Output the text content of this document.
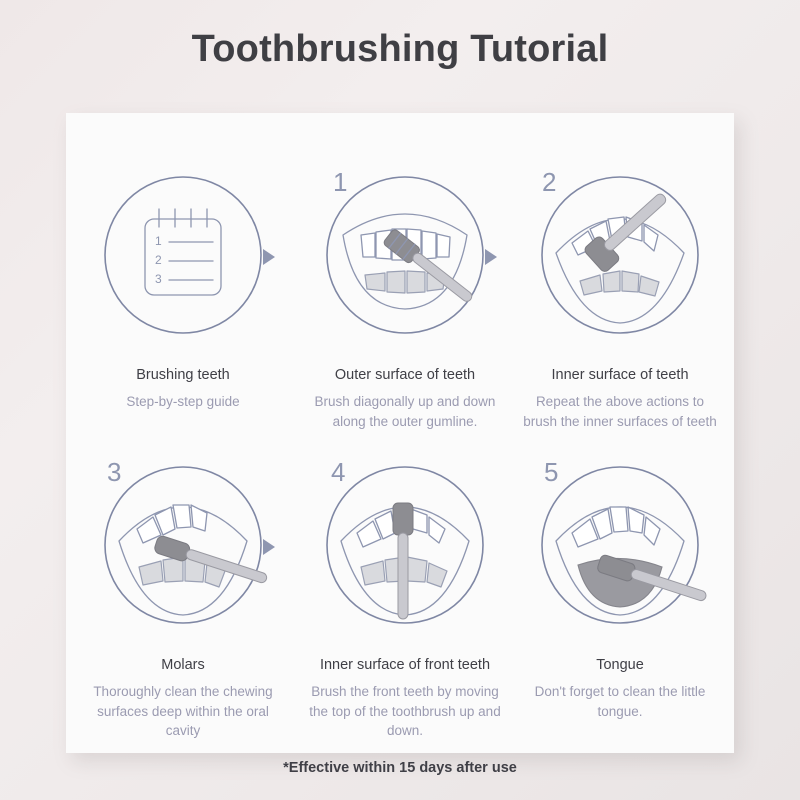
Toothbrushing Tutorial
1
2
3
Brushing teeth
Step-by-step guide
1
Outer surface of teeth
Brush diagonally up and down along the outer gumline.
2
Inner surface of teeth
Repeat the above actions to brush the inner surfaces of teeth
3
Molars
Thoroughly clean the chewing surfaces deep within the oral cavity
4
Inner surface of front teeth
Brush the front teeth by moving the top of the toothbrush up and down.
5
Tongue
Don't forget to clean the little tongue.
*Effective within 15 days after use
